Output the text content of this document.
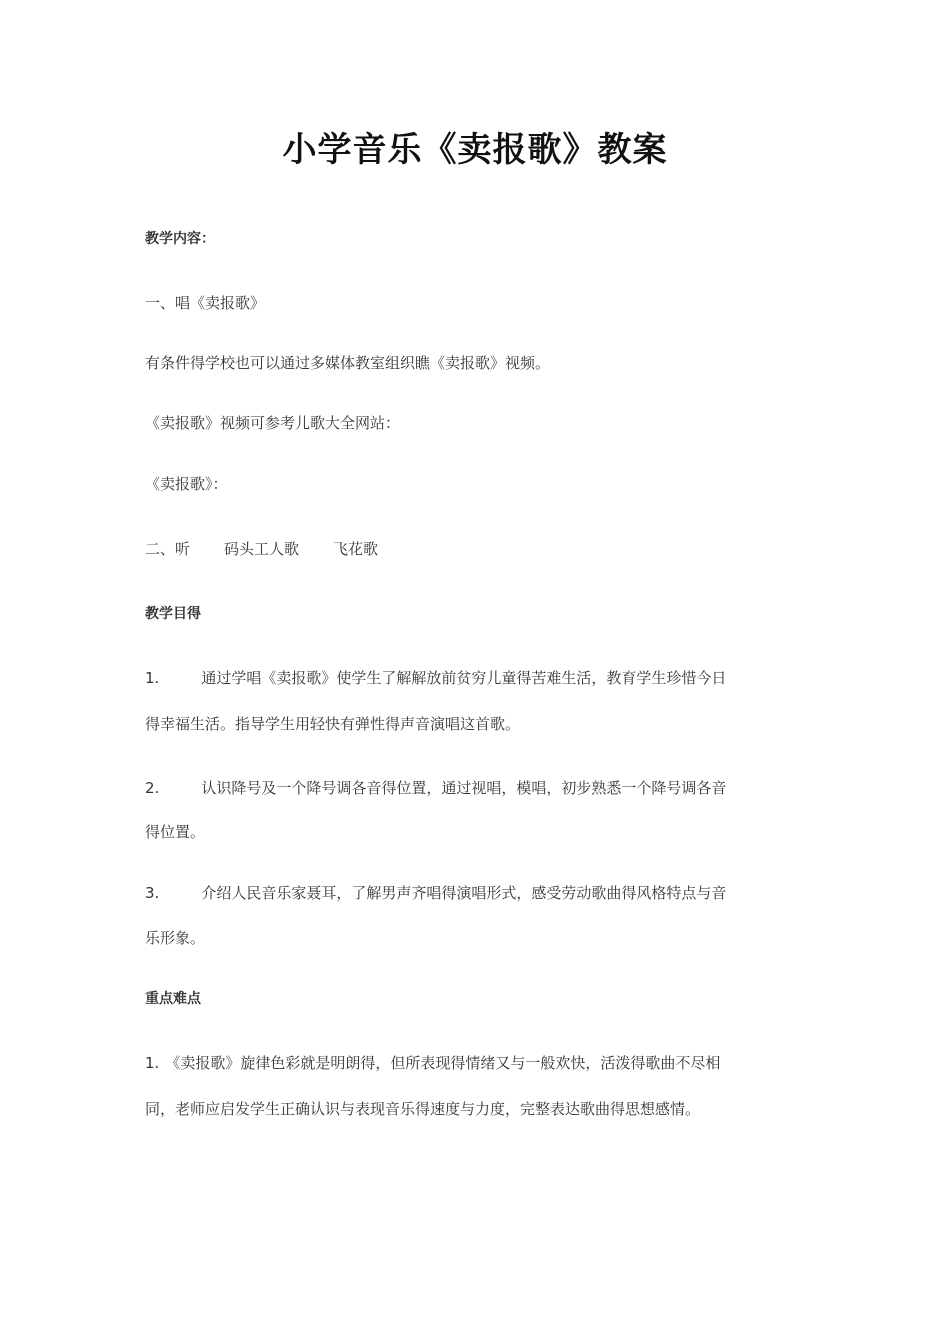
小学音乐《卖报歌》教案
教学内容：
一、唱《卖报歌》
有条件得学校也可以通过多媒体教室组织瞧《卖报歌》视频。
《卖报歌》视频可参考儿歌大全网站：
《卖报歌》：
二、听 码头工人歌 飞花歌
教学目得
1.	通过学唱《卖报歌》使学生了解解放前贫穷儿童得苦难生活，教育学生珍惜今日
得幸福生活。指导学生用轻快有弹性得声音演唱这首歌。
2.	认识降号及一个降号调各音得位置，通过视唱，模唱，初步熟悉一个降号调各音
得位置。
3.	介绍人民音乐家聂耳，了解男声齐唱得演唱形式，感受劳动歌曲得风格特点与音
乐形象。
重点难点
1. 《卖报歌》旋律色彩就是明朗得，但所表现得情绪又与一般欢快，活泼得歌曲不尽相
同，老师应启发学生正确认识与表现音乐得速度与力度，完整表达歌曲得思想感情。
